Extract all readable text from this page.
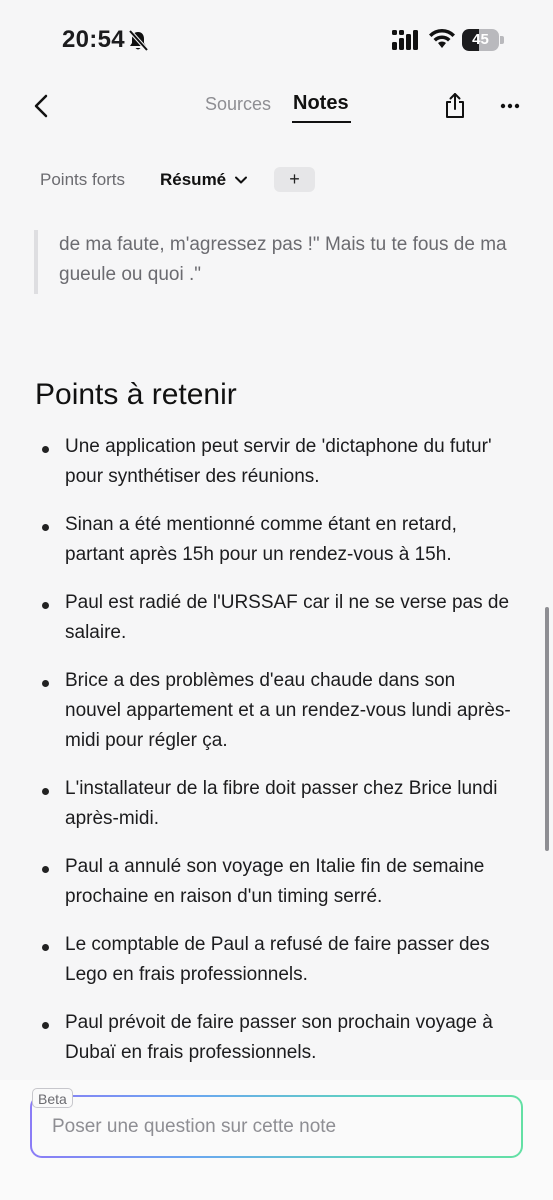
20:54	45
Sources Notes
Points forts Résumé	+

de ma faute, m'agressez pas !" Mais tu te fous de ma gueule ou quoi ."

Points à retenir

Une application peut servir de 'dictaphone du futur' pour synthétiser des réunions.

Sinan a été mentionné comme étant en retard, partant après 15h pour un rendez-vous à 15h.

Paul est radié de l'URSSAF car il ne se verse pas de salaire.

Brice a des problèmes d'eau chaude dans son nouvel appartement et a un rendez-vous lundi après-midi pour régler ça.

L'installateur de la fibre doit passer chez Brice lundi après-midi.

Paul a annulé son voyage en Italie fin de semaine prochaine en raison d'un timing serré.

Le comptable de Paul a refusé de faire passer des Lego en frais professionnels.

Paul prévoit de faire passer son prochain voyage à Dubaï en frais professionnels.

Poser une question sur cette note
Beta
